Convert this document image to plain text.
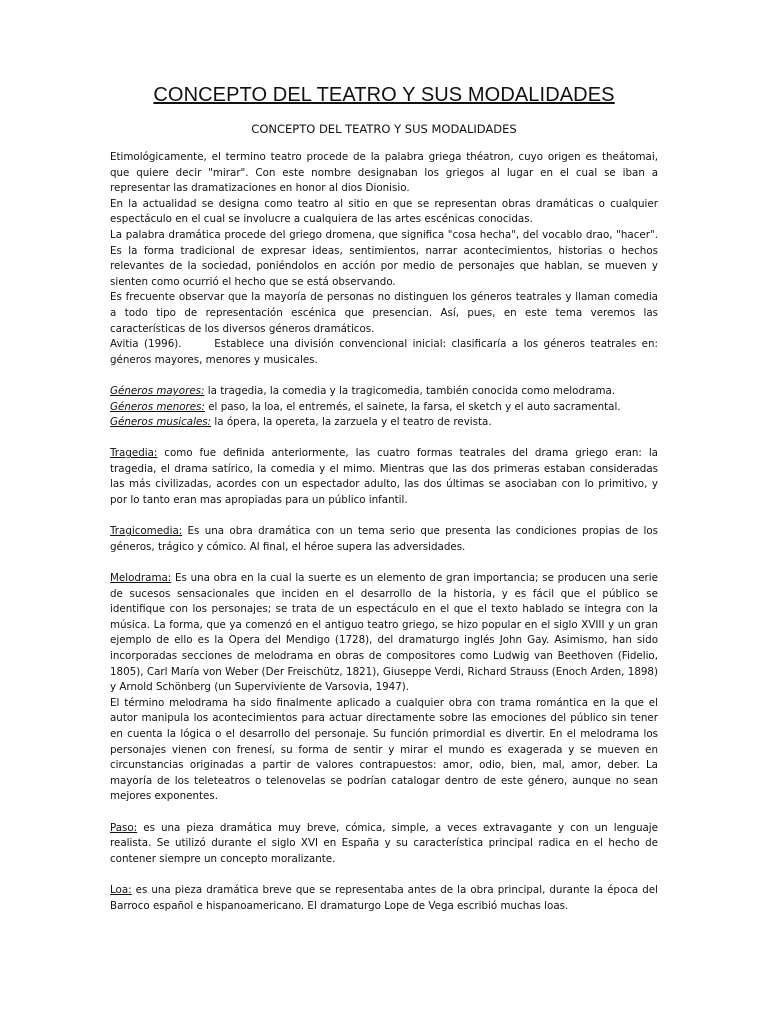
CONCEPTO DEL TEATRO Y SUS MODALIDADES
CONCEPTO DEL TEATRO Y SUS MODALIDADES

Etimológicamente, el termino teatro procede de la palabra griega théatron, cuyo origen es theátomai, que quiere decir "mirar". Con este nombre designaban los griegos al lugar en el cual se iban a representar las dramatizaciones en honor al dios Dionisio.

En la actualidad se designa como teatro al sitio en que se representan obras dramáticas o cualquier espectáculo en el cual se involucre a cualquiera de las artes escénicas conocidas.

La palabra dramática procede del griego dromena, que significa "cosa hecha", del vocablo drao, "hacer". Es la forma tradicional de expresar ideas, sentimientos, narrar acontecimientos, historias o hechos relevantes de la sociedad, poniéndolos en acción por medio de personajes que hablan, se mueven y sienten como ocurrió el hecho que se está observando.

Es frecuente observar que la mayoría de personas no distinguen los géneros teatrales y llaman comedia a todo tipo de representación escénica que presencian. Así, pues, en este tema veremos las características de los diversos géneros dramáticos.

Avitia (1996).      Establece una división convencional inicial: clasificaría a los géneros teatrales en: géneros mayores, menores y musicales.

Géneros mayores: la tragedia, la comedia y la tragicomedia, también conocida como melodrama.

Géneros menores: el paso, la loa, el entremés, el sainete, la farsa, el sketch y el auto sacramental.

Géneros musicales: la ópera, la opereta, la zarzuela y el teatro de revista.

Tragedia: como fue definida anteriormente, las cuatro formas teatrales del drama griego eran: la tragedia, el drama satírico, la comedia y el mimo. Mientras que las dos primeras estaban consideradas las más civilizadas, acordes con un espectador adulto, las dos últimas se asociaban con lo primitivo, y por lo tanto eran mas apropiadas para un público infantil.

Tragicomedia: Es una obra dramática con un tema serio que presenta las condiciones propias de los géneros, trágico y cómico. Al final, el héroe supera las adversidades.

Melodrama: Es una obra en la cual la suerte es un elemento de gran importancia; se producen una serie de sucesos sensacionales que inciden en el desarrollo de la historia, y es fácil que el público se identifique con los personajes; se trata de un espectáculo en el que el texto hablado se integra con la música. La forma, que ya comenzó en el antiguo teatro griego, se hizo popular en el siglo XVIII y un gran ejemplo de ello es la Opera del Mendigo (1728), del dramaturgo inglés John Gay. Asimismo, han sido incorporadas secciones de melodrama en obras de compositores como Ludwig van Beethoven (Fidelio, 1805), Carl María von Weber (Der Freischütz, 1821), Giuseppe Verdi, Richard Strauss (Enoch Arden, 1898) y Arnold Schönberg (un Superviviente de Varsovia, 1947).

El término melodrama ha sido finalmente aplicado a cualquier obra con trama romántica en la que el autor manipula los acontecimientos para actuar directamente sobre las emociones del público sin tener en cuenta la lógica o el desarrollo del personaje. Su función primordial es divertir. En el melodrama los personajes vienen con frenesí, su forma de sentir y mirar el mundo es exagerada y se mueven en circunstancias originadas a partir de valores contrapuestos: amor, odio, bien, mal, amor, deber. La mayoría de los teleteatros o telenovelas se podrían catalogar dentro de este género, aunque no sean mejores exponentes.

Paso: es una pieza dramática muy breve, cómica, simple, a veces extravagante y con un lenguaje realista. Se utilizó durante el siglo XVI en España y su característica principal radica en el hecho de contener siempre un concepto moralizante.

Loa: es una pieza dramática breve que se representaba antes de la obra principal, durante la época del Barroco español e hispanoamericano. El dramaturgo Lope de Vega escribió muchas loas.
